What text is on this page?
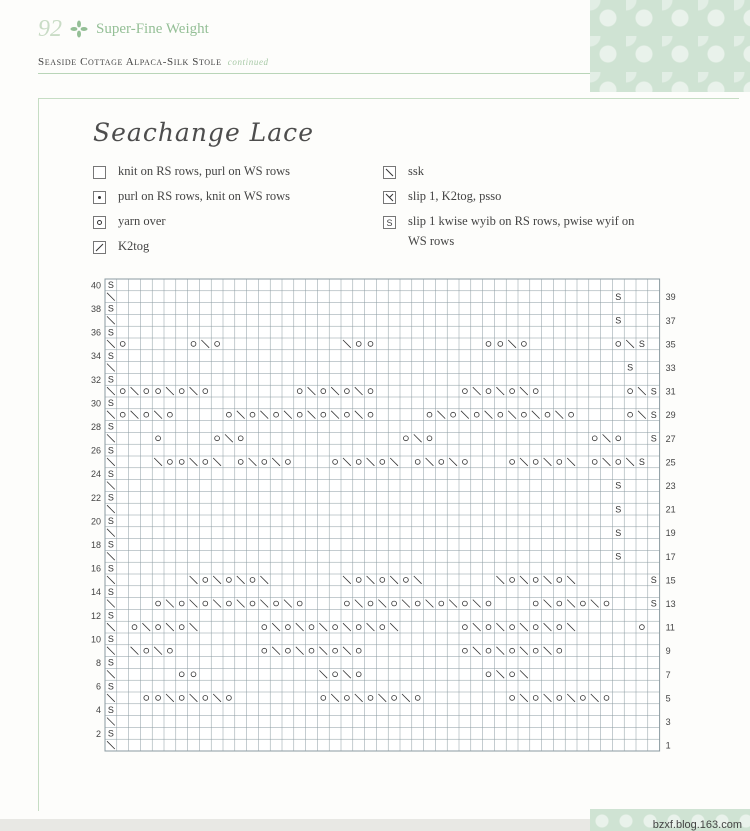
92 Super-Fine Weight
Seaside Cottage Alpaca-Silk Stole continued
Seachange Lace
knit on RS rows, purl on WS rows
purl on RS rows, knit on WS rows
yarn over
K2tog
ssk
slip 1, K2tog, psso
S slip 1 kwise wyib on RS rows, pwise wyif on WS rows
S
S
S
S
S
S
S
S
S
S
S
S
S
S
S
S
S
S
S
S
S
S
S
S
S
S
S
S
S
S
S
S
S
S
40
38
36
34
32
30
28
26
24
22
20
18
16
14
12
10
8
6
4
2
39
37
35
33
31
29
27
25
23
21
19
17
15
13
11
9
7
5
3
1
bzxf.blog.163.com
